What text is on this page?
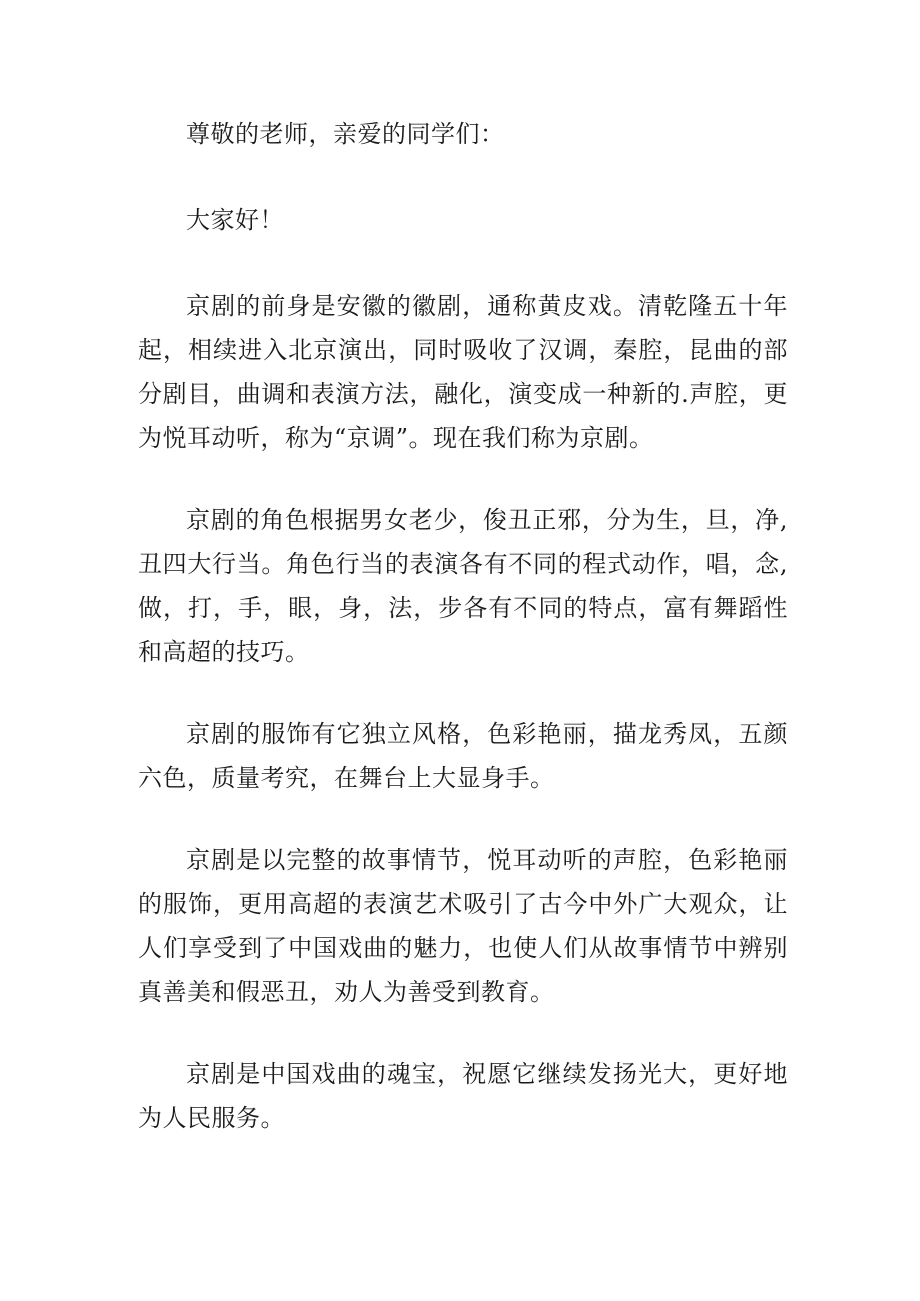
尊敬的老师，亲爱的同学们：

大家好！

京剧的前身是安徽的徽剧，通称黄皮戏。清乾隆五十年起，相续进入北京演出，同时吸收了汉调，秦腔，昆曲的部分剧目，曲调和表演方法，融化，演变成一种新的.声腔，更为悦耳动听，称为“京调”。现在我们称为京剧。

京剧的角色根据男女老少，俊丑正邪，分为生，旦，净,丑四大行当。角色行当的表演各有不同的程式动作，唱，念,做，打，手，眼，身，法，步各有不同的特点，富有舞蹈性和高超的技巧。

京剧的服饰有它独立风格，色彩艳丽，描龙秀凤，五颜六色，质量考究，在舞台上大显身手。

京剧是以完整的故事情节，悦耳动听的声腔，色彩艳丽的服饰，更用高超的表演艺术吸引了古今中外广大观众，让人们享受到了中国戏曲的魅力，也使人们从故事情节中辨别真善美和假恶丑，劝人为善受到教育。

京剧是中国戏曲的魂宝，祝愿它继续发扬光大，更好地为人民服务。
